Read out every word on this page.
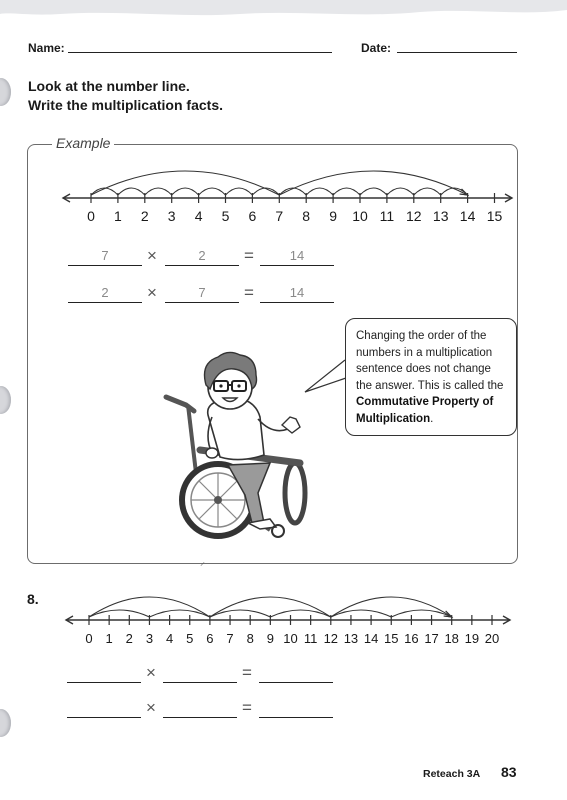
Name:	Date:

Look at the number line.

Write the multiplication facts.

Example
0 1 2 3 4 5 6 7 8 9 10 11 12 13 14 15
7	×	2	=	14
2	×	7	=	14
Changing the order of the numbers in a multiplication sentence does not change the answer. This is called the Commutative Property of Multiplication.
⸝
8.
0 1 2 3 4 5 6 7 8 9 10 11 12 13 14 15 16 17 18 19 20
×	=
×	=
Reteach 3A 83
